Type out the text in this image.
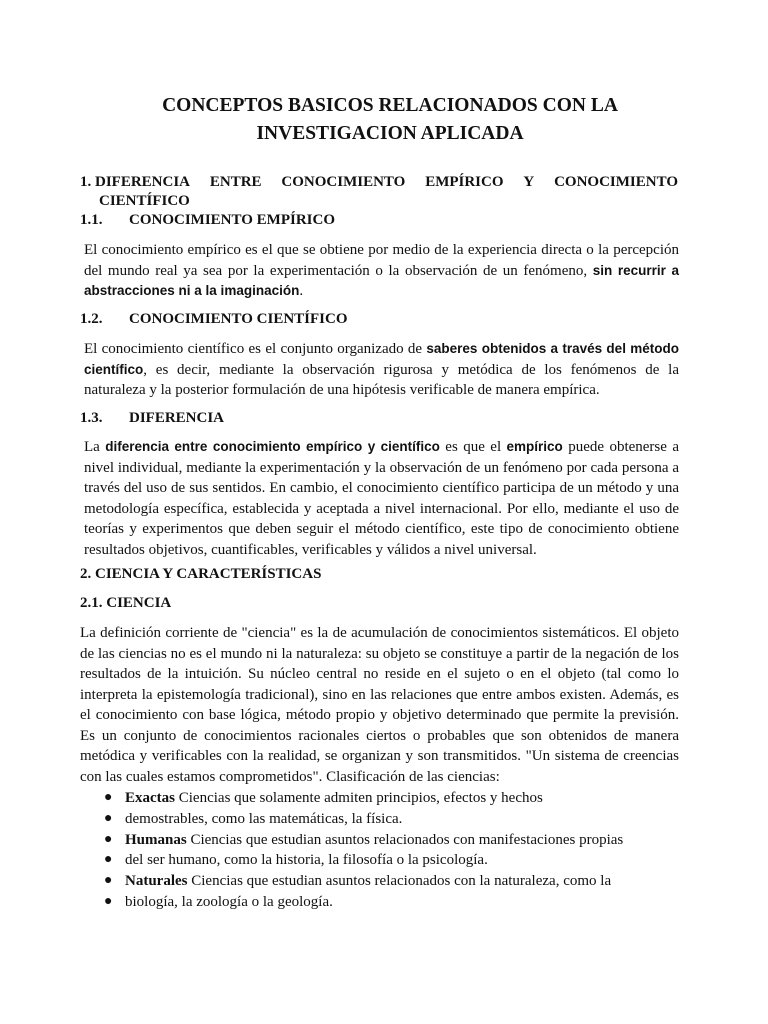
CONCEPTOS BASICOS RELACIONADOS CON LA
INVESTIGACION APLICADA
1. DIFERENCIA ENTRE CONOCIMIENTO EMPÍRICO Y CONOCIMIENTO
CIENTÍFICO
1.1. CONOCIMIENTO EMPÍRICO
El conocimiento empírico es el que se obtiene por medio de la experiencia directa o la percepción del mundo real ya sea por la experimentación o la observación de un fenómeno, sin recurrir a abstracciones ni a la imaginación.
1.2. CONOCIMIENTO CIENTÍFICO
El conocimiento científico es el conjunto organizado de saberes obtenidos a través del método científico, es decir, mediante la observación rigurosa y metódica de los fenómenos de la naturaleza y la posterior formulación de una hipótesis verificable de manera empírica.
1.3. DIFERENCIA
La diferencia entre conocimiento empírico y científico es que el empírico puede obtenerse a nivel individual, mediante la experimentación y la observación de un fenómeno por cada persona a través del uso de sus sentidos. En cambio, el conocimiento científico participa de un método y una metodología específica, establecida y aceptada a nivel internacional. Por ello, mediante el uso de teorías y experimentos que deben seguir el método científico, este tipo de conocimiento obtiene resultados objetivos, cuantificables, verificables y válidos a nivel universal.
2. CIENCIA Y CARACTERÍSTICAS
2.1. CIENCIA
La definición corriente de "ciencia" es la de acumulación de conocimientos sistemáticos. El objeto de las ciencias no es el mundo ni la naturaleza: su objeto se constituye a partir de la negación de los resultados de la intuición. Su núcleo central no reside en el sujeto o en el objeto (tal como lo interpreta la epistemología tradicional), sino en las relaciones que entre ambos existen. Además, es el conocimiento con base lógica, método propio y objetivo determinado que permite la previsión. Es un conjunto de conocimientos racionales ciertos o probables que son obtenidos de manera metódica y verificables con la realidad, se organizan y son transmitidos. "Un sistema de creencias con las cuales estamos comprometidos". Clasificación de las ciencias:
● Exactas Ciencias que solamente admiten principios, efectos y hechos
● demostrables, como las matemáticas, la física.
● Humanas Ciencias que estudian asuntos relacionados con manifestaciones propias
● del ser humano, como la historia, la filosofía o la psicología.
● Naturales Ciencias que estudian asuntos relacionados con la naturaleza, como la
● biología, la zoología o la geología.
